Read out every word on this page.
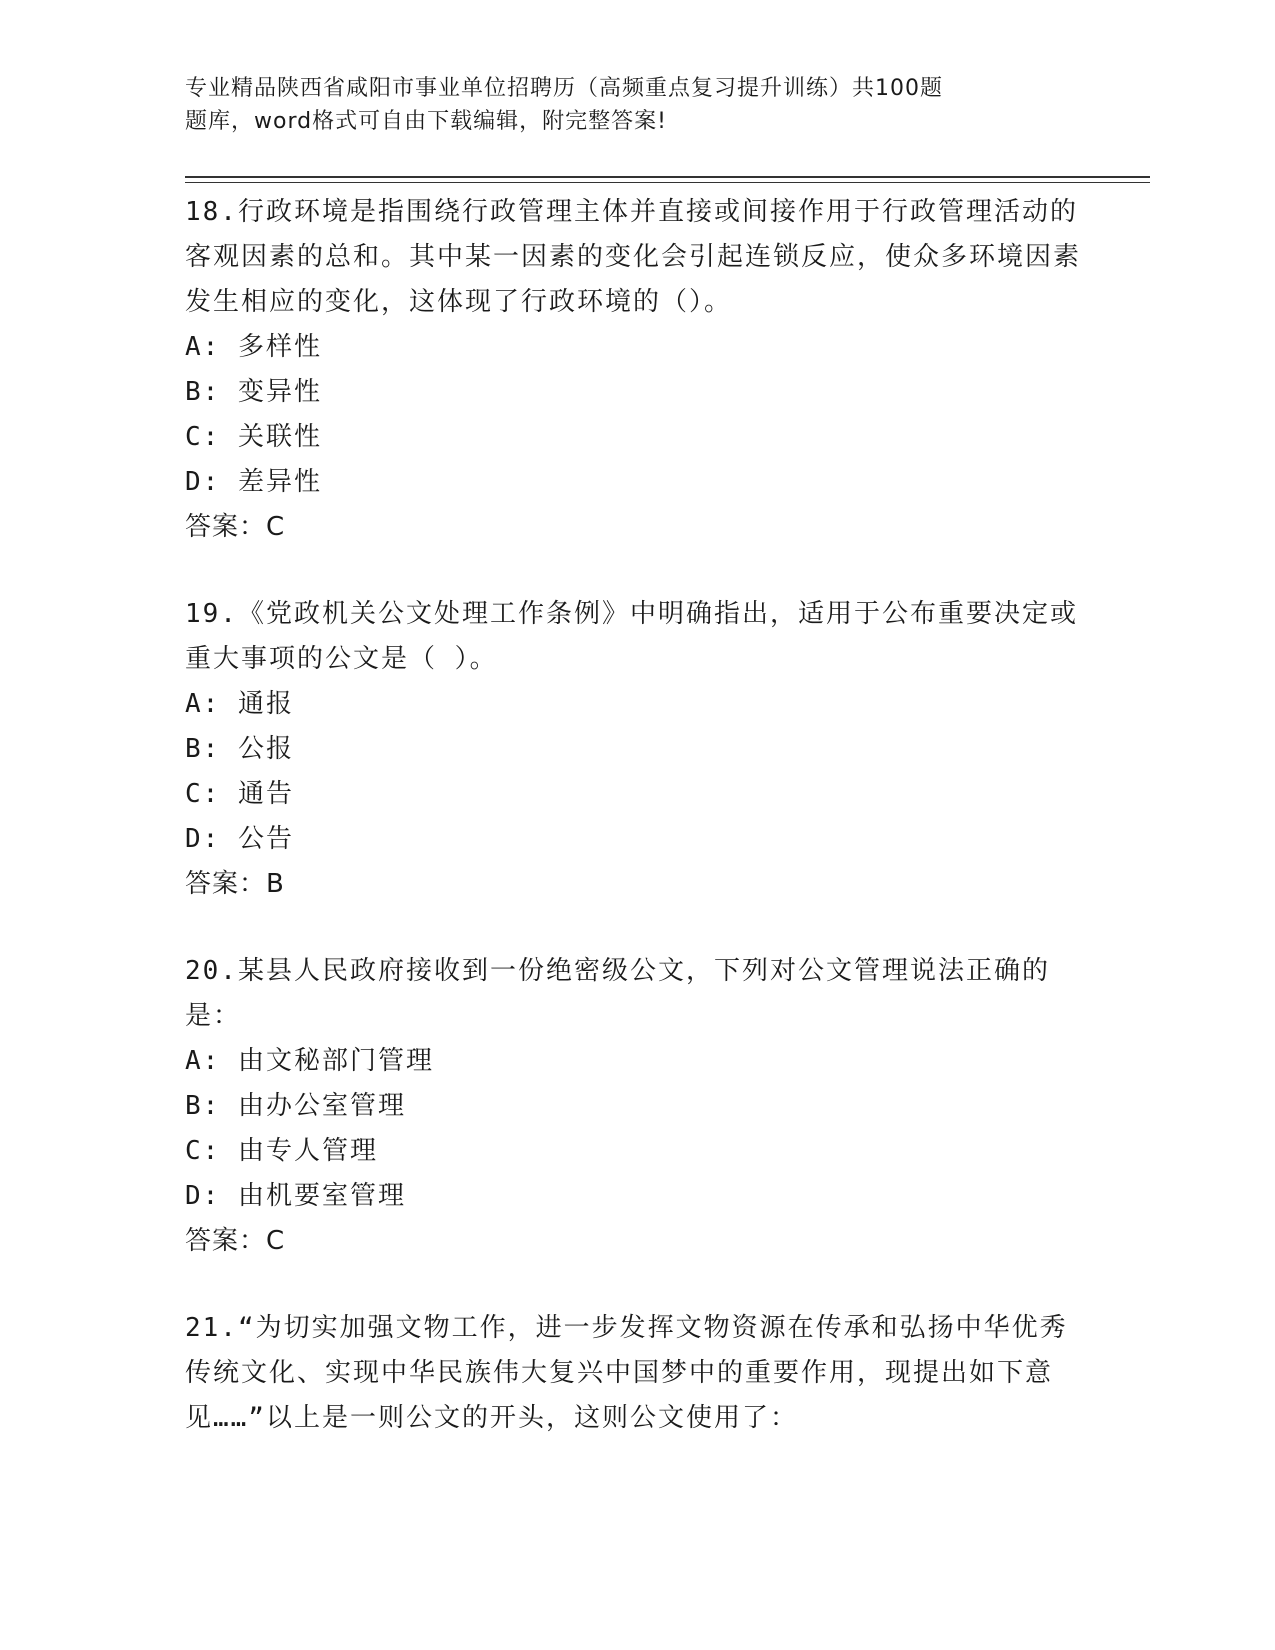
专业精品陕西省咸阳市事业单位招聘历（高频重点复习提升训练）共100题
题库，word格式可自由下载编辑，附完整答案!
18.行政环境是指围绕行政管理主体并直接或间接作用于行政管理活动的客观因素的总和。其中某一因素的变化会引起连锁反应，使众多环境因素发生相应的变化，这体现了行政环境的（）。
A: 多样性
B: 变异性
C: 关联性
D: 差异性
答案：C
19.《党政机关公文处理工作条例》中明确指出，适用于公布重要决定或重大事项的公文是（ ）。
A: 通报
B: 公报
C: 通告
D: 公告
答案：B
20.某县人民政府接收到一份绝密级公文，下列对公文管理说法正确的是：
A: 由文秘部门管理
B: 由办公室管理
C: 由专人管理
D: 由机要室管理
答案：C
21.“为切实加强文物工作，进一步发挥文物资源在传承和弘扬中华优秀传统文化、实现中华民族伟大复兴中国梦中的重要作用，现提出如下意见……”以上是一则公文的开头，这则公文使用了：
